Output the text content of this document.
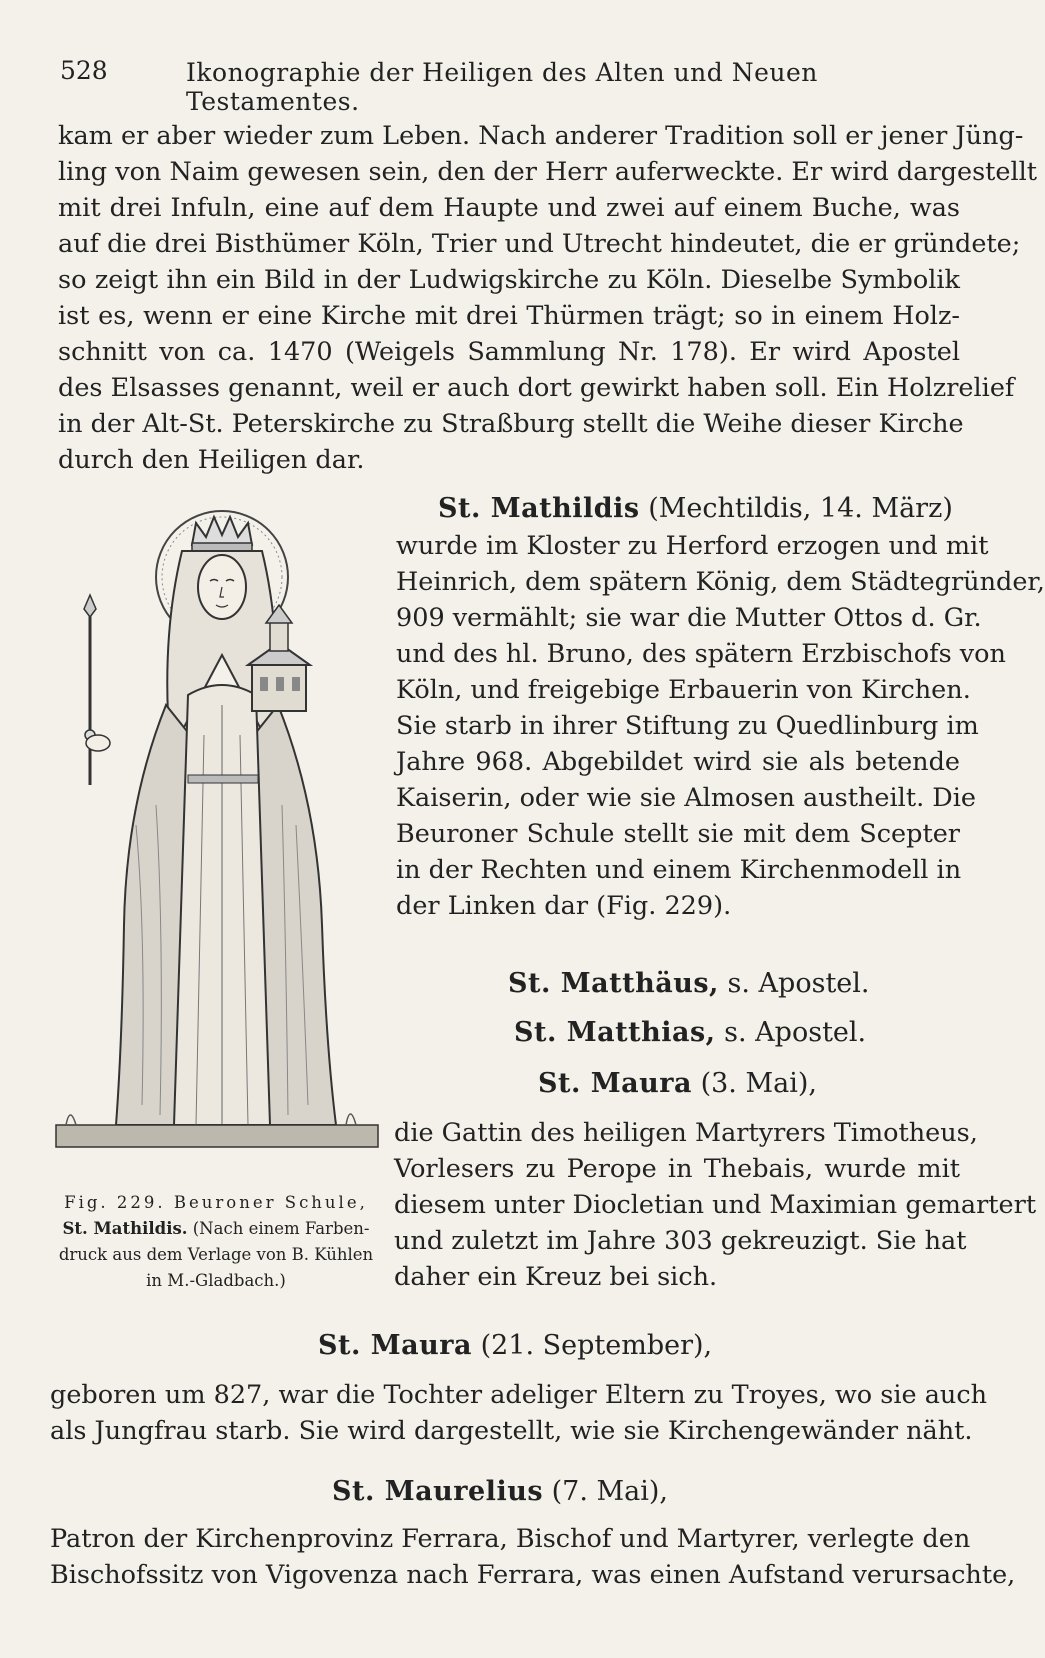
528	Ikonographie der Heiligen des Alten und Neuen Testamentes.
kam er aber wieder zum Leben. Nach anderer Tradition soll er jener Jüng-
ling von Naim gewesen sein, den der Herr auferweckte. Er wird dargestellt
mit drei Infuln, eine auf dem Haupte und zwei auf einem Buche, was
auf die drei Bisthümer Köln, Trier und Utrecht hindeutet, die er gründete;
so zeigt ihn ein Bild in der Ludwigskirche zu Köln. Dieselbe Symbolik
ist es, wenn er eine Kirche mit drei Thürmen trägt; so in einem Holz-
schnitt von ca. 1470 (Weigels Sammlung Nr. 178). Er wird Apostel
des Elsasses genannt, weil er auch dort gewirkt haben soll. Ein Holzrelief
in der Alt-St. Peterskirche zu Straßburg stellt die Weihe dieser Kirche
durch den Heiligen dar.
St. Mathildis (Mechtildis, 14. März)
wurde im Kloster zu Herford erzogen und mit
Heinrich, dem spätern König, dem Städtegründer,
909 vermählt; sie war die Mutter Ottos d. Gr.
und des hl. Bruno, des spätern Erzbischofs von
Köln, und freigebige Erbauerin von Kirchen.
Sie starb in ihrer Stiftung zu Quedlinburg im
Jahre 968. Abgebildet wird sie als betende
Kaiserin, oder wie sie Almosen austheilt. Die
Beuroner Schule stellt sie mit dem Scepter
in der Rechten und einem Kirchenmodell in
der Linken dar (Fig. 229).
St. Matthäus, s. Apostel.
St. Matthias, s. Apostel.
St. Maura (3. Mai),
die Gattin des heiligen Martyrers Timotheus,
Vorlesers zu Perope in Thebais, wurde mit
diesem unter Diocletian und Maximian gemartert
und zuletzt im Jahre 303 gekreuzigt. Sie hat
daher ein Kreuz bei sich.
Fig. 229. Beuroner Schule,
St. Mathildis. (Nach einem Farben-
druck aus dem Verlage von B. Kühlen
in M.-Gladbach.)
St. Maura (21. September),
geboren um 827, war die Tochter adeliger Eltern zu Troyes, wo sie auch
als Jungfrau starb. Sie wird dargestellt, wie sie Kirchengewänder näht.
St. Maurelius (7. Mai),
Patron der Kirchenprovinz Ferrara, Bischof und Martyrer, verlegte den
Bischofssitz von Vigovenza nach Ferrara, was einen Aufstand verursachte,
